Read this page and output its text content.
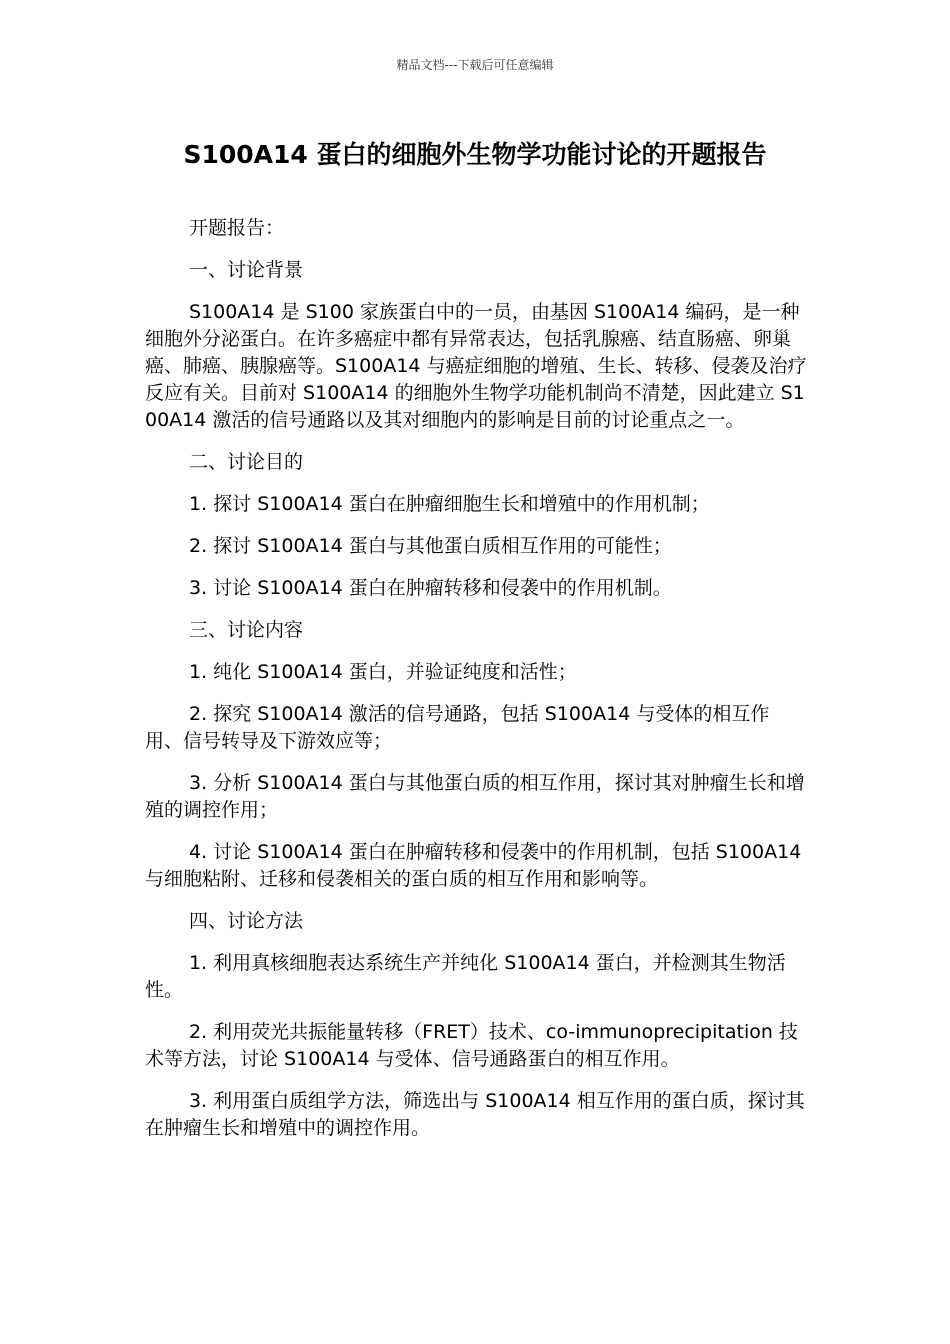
精品文档---下载后可任意编辑
S100A14 蛋白的细胞外生物学功能讨论的开题报告

开题报告：

一、讨论背景

S100A14 是 S100 家族蛋白中的一员，由基因 S100A14 编码，是一种细胞外分泌蛋白。在许多癌症中都有异常表达，包括乳腺癌、结直肠癌、卵巢癌、肺癌、胰腺癌等。S100A14 与癌症细胞的增殖、生长、转移、侵袭及治疗反应有关。目前对 S100A14 的细胞外生物学功能机制尚不清楚，因此建立 S100A14 激活的信号通路以及其对细胞内的影响是目前的讨论重点之一。

二、讨论目的

1. 探讨 S100A14 蛋白在肿瘤细胞生长和增殖中的作用机制；

2. 探讨 S100A14 蛋白与其他蛋白质相互作用的可能性；

3. 讨论 S100A14 蛋白在肿瘤转移和侵袭中的作用机制。

三、讨论内容

1. 纯化 S100A14 蛋白，并验证纯度和活性；

2. 探究 S100A14 激活的信号通路，包括 S100A14 与受体的相互作用、信号转导及下游效应等；

3. 分析 S100A14 蛋白与其他蛋白质的相互作用，探讨其对肿瘤生长和增殖的调控作用；

4. 讨论 S100A14 蛋白在肿瘤转移和侵袭中的作用机制，包括 S100A14 与细胞粘附、迁移和侵袭相关的蛋白质的相互作用和影响等。

四、讨论方法

1. 利用真核细胞表达系统生产并纯化 S100A14 蛋白，并检测其生物活性。

2. 利用荧光共振能量转移（FRET）技术、co-immunoprecipitation 技术等方法，讨论 S100A14 与受体、信号通路蛋白的相互作用。

3. 利用蛋白质组学方法，筛选出与 S100A14 相互作用的蛋白质，探讨其在肿瘤生长和增殖中的调控作用。
